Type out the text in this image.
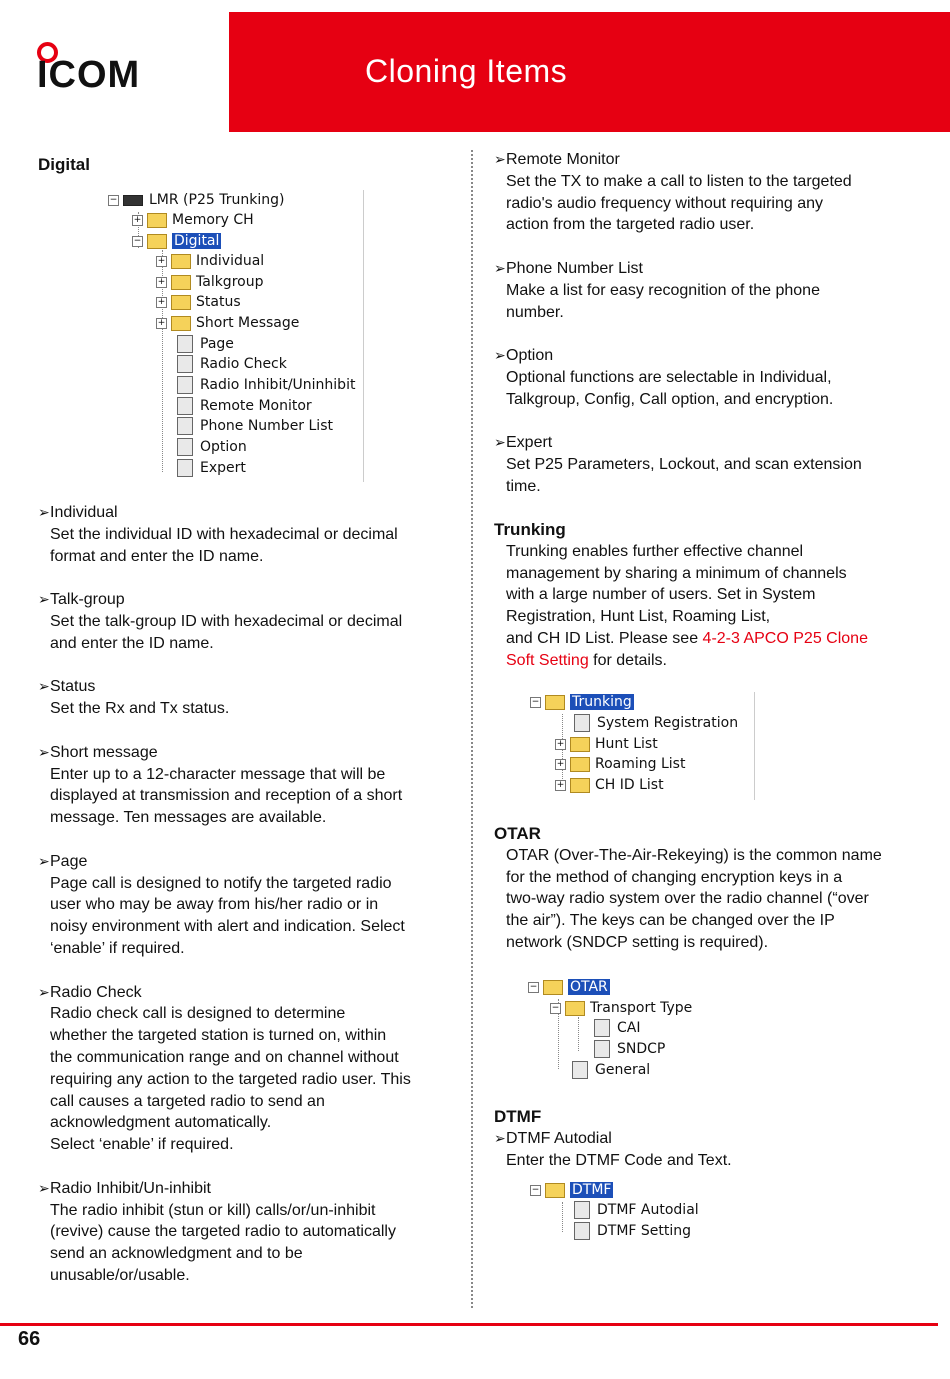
ICOM	Cloning Items

Digital

− LMR (P25 Trunking)
+ Memory CH
− Digital
+ Individual
+ Talkgroup
+ Status
+ Short Message
Page
Radio Check
Radio Inhibit/Uninhibit
Remote Monitor
Phone Number List
Option
Expert

➢Individual

Set the individual ID with hexadecimal or decimal
format and enter the ID name.

➢Talk-group

Set the talk-group ID with hexadecimal or decimal
and enter the ID name.

➢Status

Set the Rx and Tx status.

➢Short message

Enter up to a 12-character message that will be
displayed at transmission and reception of a short
message. Ten messages are available.

➢Page

Page call is designed to notify the targeted radio
user who may be away from his/her radio or in
noisy environment with alert and indication. Select
‘enable’ if required.

➢Radio Check

Radio check call is designed to determine
whether the targeted station is turned on, within
the communication range and on channel without
requiring any action to the targeted radio user. This
call causes a targeted radio to send an
acknowledgment automatically.
Select ‘enable’ if required.

➢Radio Inhibit/Un-inhibit

The radio inhibit (stun or kill) calls/or/un-inhibit
(revive) cause the targeted radio to automatically
send an acknowledgment and to be
unusable/or/usable.

➢Remote Monitor

Set the TX to make a call to listen to the targeted
radio's audio frequency without requiring any
action from the targeted radio user.

➢Phone Number List

Make a list for easy recognition of the phone
number.

➢Option

Optional functions are selectable in Individual,
Talkgroup, Config, Call option, and encryption.

➢Expert

Set P25 Parameters, Lockout, and scan extension
time.

Trunking

Trunking enables further effective channel
management by sharing a minimum of channels
with a large number of users. Set in System
Registration, Hunt List, Roaming List,

and CH ID List. Please see 4-2-3 APCO P25 Clone

Soft Setting for details.

− Trunking
System Registration
+ Hunt List
+ Roaming List
+ CH ID List

OTAR

OTAR (Over-The-Air-Rekeying) is the common name
for the method of changing encryption keys in a
two-way radio system over the radio channel (“over
the air”). The keys can be changed over the IP
network (SNDCP setting is required).

− OTAR
− Transport Type
CAI
SNDCP
General

DTMF

➢DTMF Autodial

Enter the DTMF Code and Text.

− DTMF
DTMF Autodial
DTMF Setting
66
